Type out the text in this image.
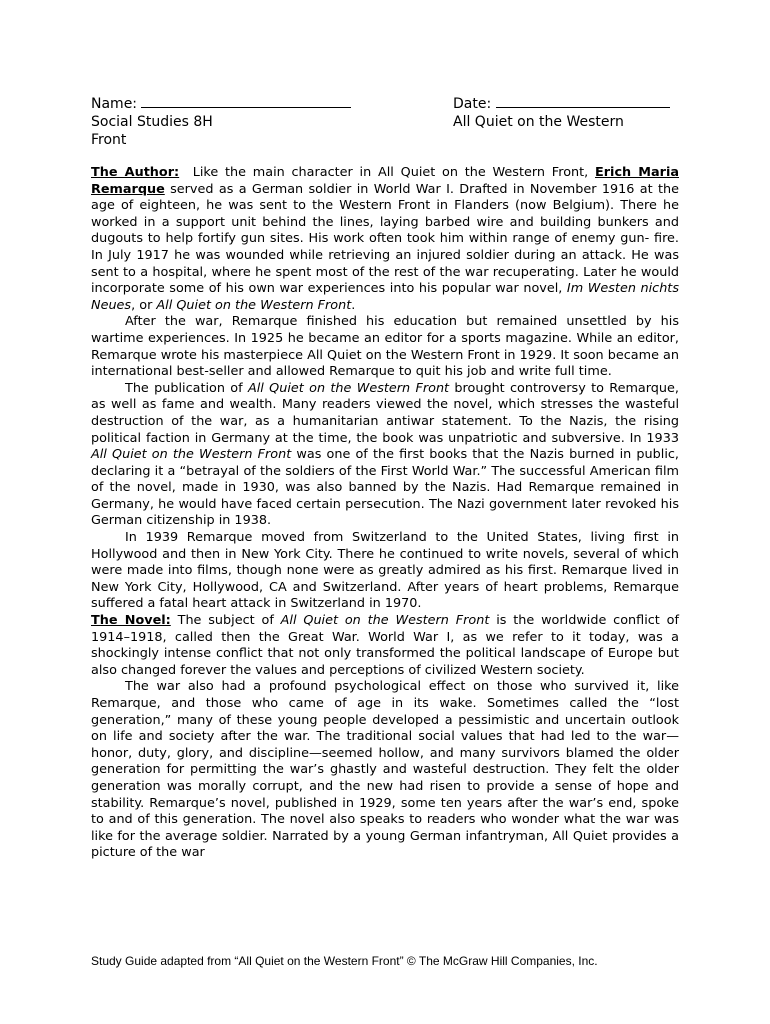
Name:
Social Studies 8H
Front
Date:
All Quiet on the Western

The Author: Like the main character in All Quiet on the Western Front, Erich Maria Remarque served as a German soldier in World War I. Drafted in November 1916 at the age of eighteen, he was sent to the Western Front in Flanders (now Belgium). There he worked in a support unit behind the lines, laying barbed wire and building bunkers and dugouts to help fortify gun sites. His work often took him within range of enemy gun- fire. In July 1917 he was wounded while retrieving an injured soldier during an attack. He was sent to a hospital, where he spent most of the rest of the war recuperating. Later he would incorporate some of his own war experiences into his popular war novel, Im Westen nichts Neues, or All Quiet on the Western Front.

After the war, Remarque finished his education but remained unsettled by his wartime experiences. In 1925 he became an editor for a sports magazine. While an editor, Remarque wrote his masterpiece All Quiet on the Western Front in 1929. It soon became an international best-seller and allowed Remarque to quit his job and write full time.

The publication of All Quiet on the Western Front brought controversy to Remarque, as well as fame and wealth. Many readers viewed the novel, which stresses the wasteful destruction of the war, as a humanitarian antiwar statement. To the Nazis, the rising political faction in Germany at the time, the book was unpatriotic and subversive. In 1933 All Quiet on the Western Front was one of the first books that the Nazis burned in public, declaring it a “betrayal of the soldiers of the First World War.” The successful American film of the novel, made in 1930, was also banned by the Nazis. Had Remarque remained in Germany, he would have faced certain persecution. The Nazi government later revoked his German citizenship in 1938.

In 1939 Remarque moved from Switzerland to the United States, living first in Hollywood and then in New York City. There he continued to write novels, several of which were made into films, though none were as greatly admired as his first. Remarque lived in New York City, Hollywood, CA and Switzerland. After years of heart problems, Remarque suffered a fatal heart attack in Switzerland in 1970.

The Novel: The subject of All Quiet on the Western Front is the worldwide conflict of 1914–1918, called then the Great War. World War I, as we refer to it today, was a shockingly intense conflict that not only transformed the political landscape of Europe but also changed forever the values and perceptions of civilized Western society.

The war also had a profound psychological effect on those who survived it, like Remarque, and those who came of age in its wake. Sometimes called the “lost generation,” many of these young people developed a pessimistic and uncertain outlook on life and society after the war. The traditional social values that had led to the war—honor, duty, glory, and discipline—seemed hollow, and many survivors blamed the older generation for permitting the war’s ghastly and wasteful destruction. They felt the older generation was morally corrupt, and the new had risen to provide a sense of hope and stability. Remarque’s novel, published in 1929, some ten years after the war’s end, spoke to and of this generation. The novel also speaks to readers who wonder what the war was like for the average soldier. Narrated by a young German infantryman, All Quiet provides a picture of the war

Study Guide adapted from “All Quiet on the Western Front” © The McGraw Hill Companies, Inc.
